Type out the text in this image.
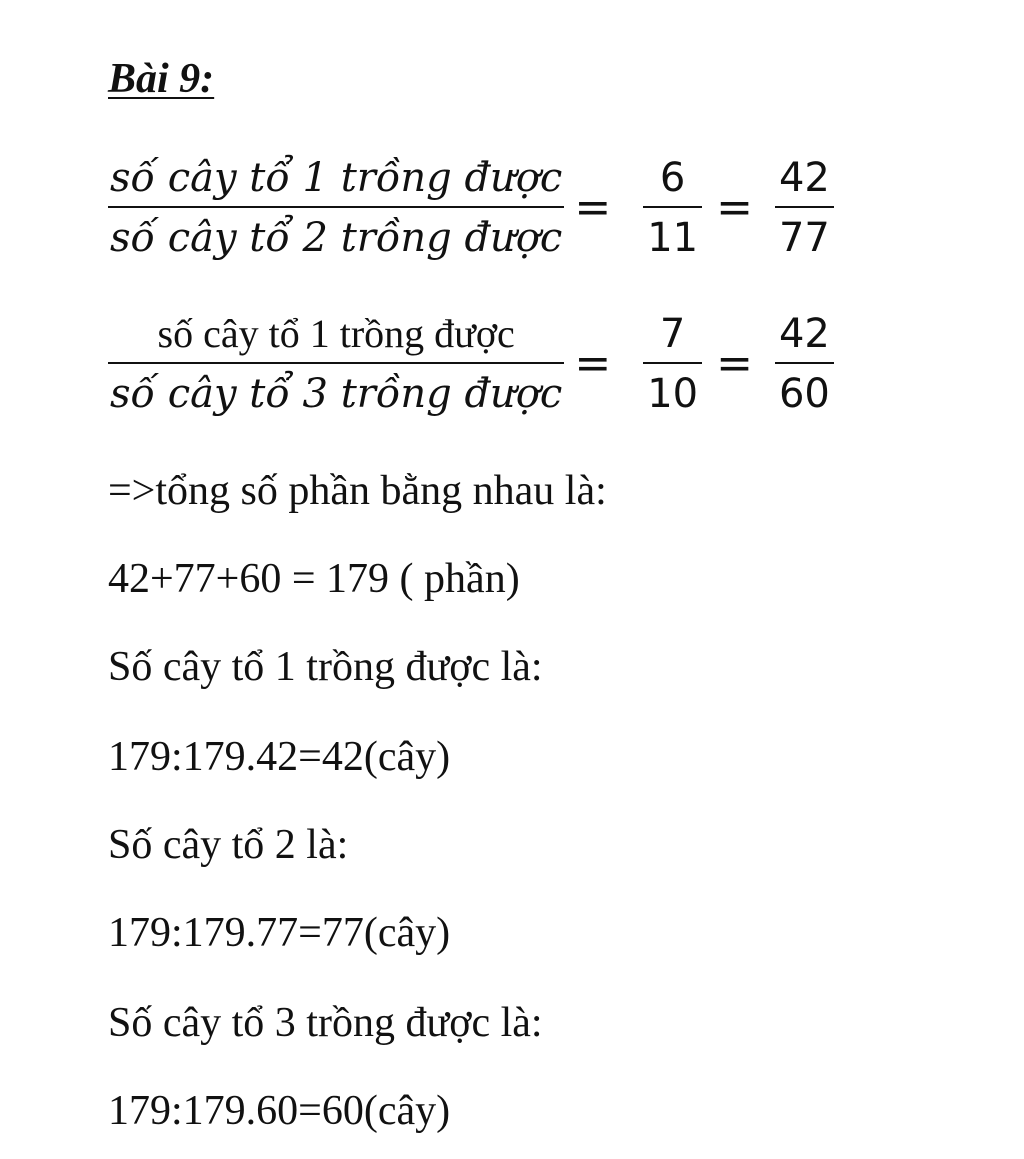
Bài 9:
$\frac{\text{số cây tổ 1 trồng được}}{\text{số cây tổ 2 trồng được}} = \frac{6}{11} = \frac{42}{77}$
$\frac{\text{số cây tổ 1 trồng được}}{\text{số cây tổ 3 trồng được}} = \frac{7}{10} = \frac{42}{60}$
=>tổng số phần bằng nhau là:
42+77+60 = 179 ( phần)
Số cây tổ 1 trồng được là:
179:179.42=42(cây)
Số cây tổ 2 là:
179:179.77=77(cây)
Số cây tổ 3 trồng được là:
179:179.60=60(cây)
